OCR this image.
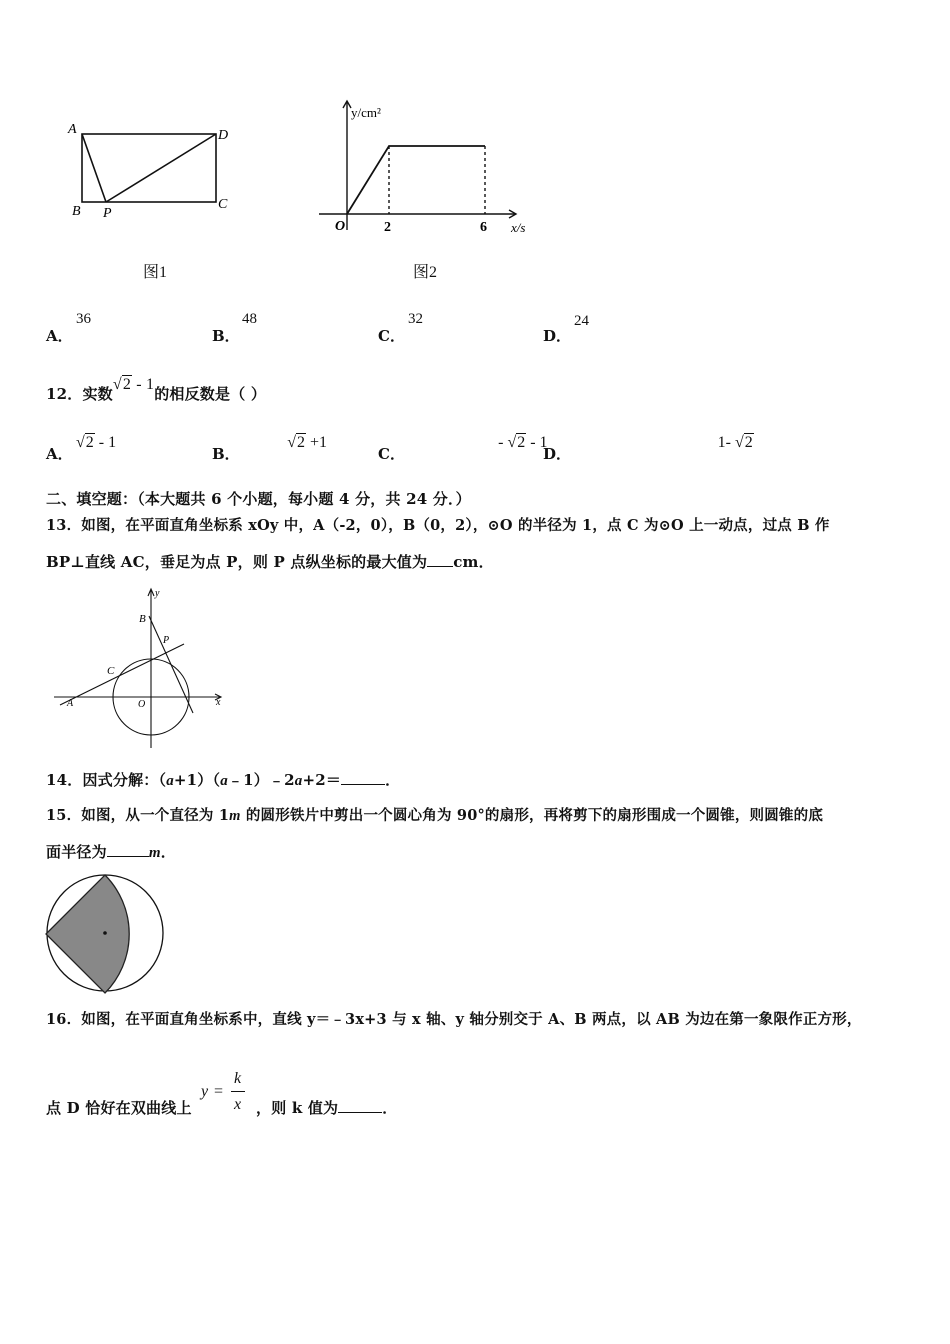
A
B	C
D
P
图1
y/cm²
x/s
O	2	6
图2
A．
36
B．
48
C．
32
D．
24
12．实数√2 - 1的相反数是（ ）
A．
√2 - 1
B．
√2 +1
C．
- √2 - 1
D．
1- √2
二、填空题：（本大题共 6 个小题，每小题 4 分，共 24 分．）
13．如图，在平面直角坐标系 xOy 中，A（-2，0），B（0，2），⊙O 的半径为 1，点 C 为⊙O 上一动点，过点 B 作
BP⊥直线 AC，垂足为点 P，则 P 点纵坐标的最大值为 cm．
y
x
B
P
C
A	O
14．因式分解：（a+1）（a﹣1）﹣2a+2＝	．
15．如图，从一个直径为 1m 的圆形铁片中剪出一个圆心角为 90°的扇形，再将剪下的扇形围成一个圆锥，则圆锥的底
面半径为	m．
16．如图，在平面直角坐标系中，直线 y＝﹣3x+3 与 x 轴、y 轴分别交于 A、B 两点，以 AB 为边在第一象限作正方形，
点 D 恰好在双曲线上
y =
k
x ，则 k 值为	．
